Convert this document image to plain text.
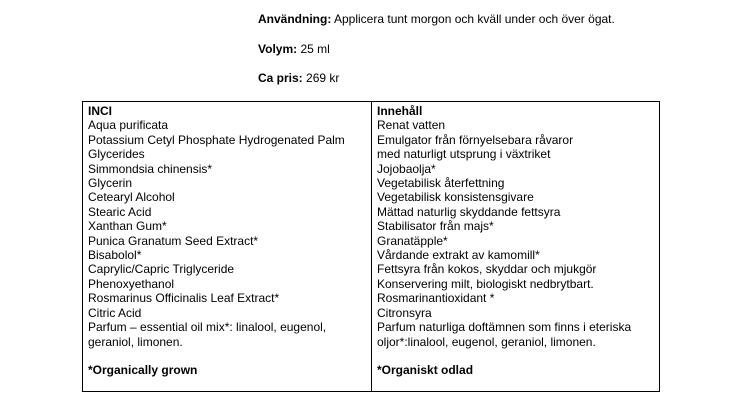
Användning: Applicera tunt morgon och kväll under och över ögat.
Volym: 25 ml
Ca pris: 269 kr
INCI
Aqua purificata
Potassium Cetyl Phosphate Hydrogenated Palm
Glycerides
Simmondsia chinensis*
Glycerin
Cetearyl Alcohol
Stearic Acid
Xanthan Gum*
Punica Granatum Seed Extract*
Bisabolol*
Caprylic/Capric Triglyceride
Phenoxyethanol
Rosmarinus Officinalis Leaf Extract*
Citric Acid
Parfum – essential oil mix*: linalool, eugenol,
geraniol, limonen.
*Organically grown
Innehåll
Renat vatten
Emulgator från förnyelsebara råvaror
med naturligt utsprung i växtriket
Jojobaolja*
Vegetabilisk återfettning
Vegetabilisk konsistensgivare
Mättad naturlig skyddande fettsyra
Stabilisator från majs*
Granatäpple*
Vårdande extrakt av kamomill*
Fettsyra från kokos, skyddar och mjukgör
Konservering milt, biologiskt nedbrytbart.
Rosmarinantioxidant *
Citronsyra
Parfum naturliga doftämnen som finns i eteriska
oljor*:linalool, eugenol, geraniol, limonen.
*Organiskt odlad
